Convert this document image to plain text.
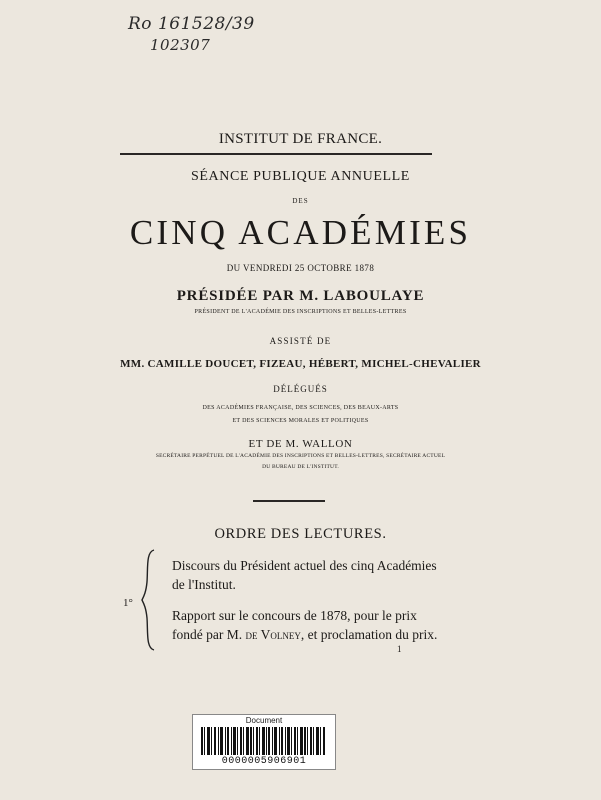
Ro 161528/39
102307
INSTITUT DE FRANCE.
SÉANCE PUBLIQUE ANNUELLE
DES
CINQ ACADÉMIES
DU VENDREDI 25 OCTOBRE 1878
PRÉSIDÉE PAR M. LABOULAYE
PRÉSIDENT DE L'ACADÉMIE DES INSCRIPTIONS ET BELLES-LETTRES
ASSISTÉ DE
MM. CAMILLE DOUCET, FIZEAU, HÉBERT, MICHEL-CHEVALIER
DÉLÉGUÉS
DES ACADÉMIES FRANÇAISE, DES SCIENCES, DES BEAUX-ARTS
ET DES SCIENCES MORALES ET POLITIQUES
ET DE M. WALLON
SECRÉTAIRE PERPÉTUEL DE L'ACADÉMIE DES INSCRIPTIONS ET BELLES-LETTRES, SECRÉTAIRE ACTUEL
DU BUREAU DE L'INSTITUT.
ORDRE DES LECTURES.
1°
Discours du Président actuel des cinq Académies
de l'Institut.
Rapport sur le concours de 1878, pour le prix
fondé par M. de Volney, et proclamation du prix.
1
Document
0000005906901
